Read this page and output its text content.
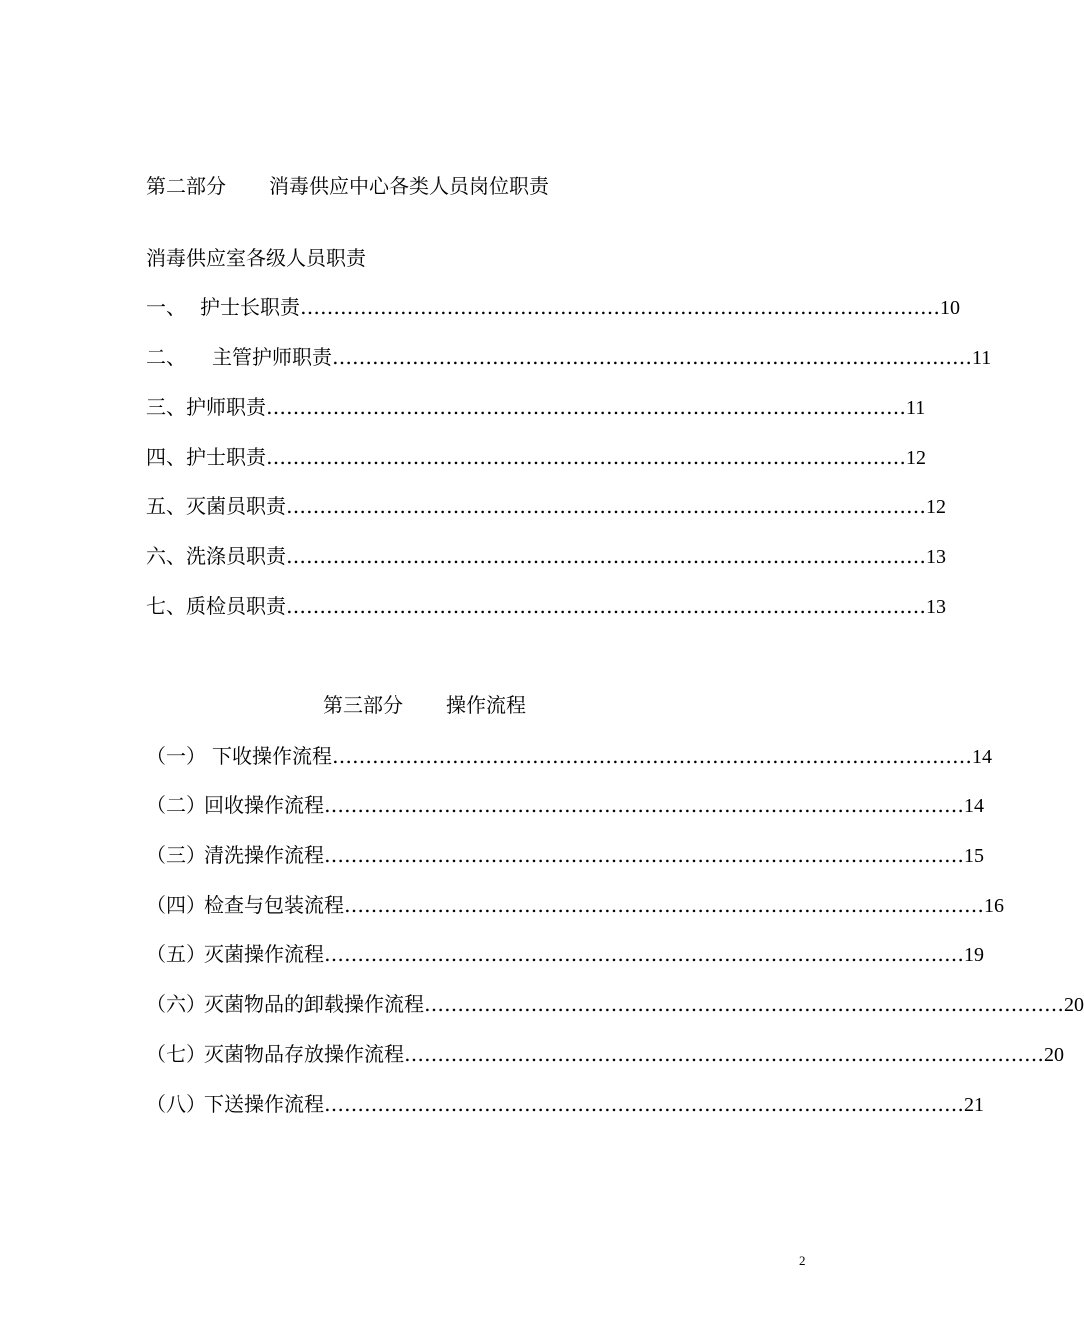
第二部分 消毒供应中心各类人员岗位职责
消毒供应室各级人员职责
一、 护士长职责 …………………………………………………………………………………… 10
二、	主管护师职责 …………………………………………………………………………………… 11
三、 护师职责 …………………………………………………………………………………… 11
四、 护士职责 …………………………………………………………………………………… 12
五、 灭菌员职责 …………………………………………………………………………………… 12
六、 洗涤员职责 …………………………………………………………………………………… 13
七、 质检员职责 …………………………………………………………………………………… 13
第三部分 操作流程
（一） 下收操作流程 …………………………………………………………………………………… 14
（二）
回收操作流程 …………………………………………………………………………………… 14
（三）
清洗操作流程 …………………………………………………………………………………… 15
（四）
检查与包装流程 …………………………………………………………………………………… 16
（五）
灭菌操作流程 …………………………………………………………………………………… 19
（六）
灭菌物品的卸载操作流程 …………………………………………………………………………………… 20
（七）
灭菌物品存放操作流程 …………………………………………………………………………………… 20
（八）
下送操作流程 …………………………………………………………………………………… 21
2
